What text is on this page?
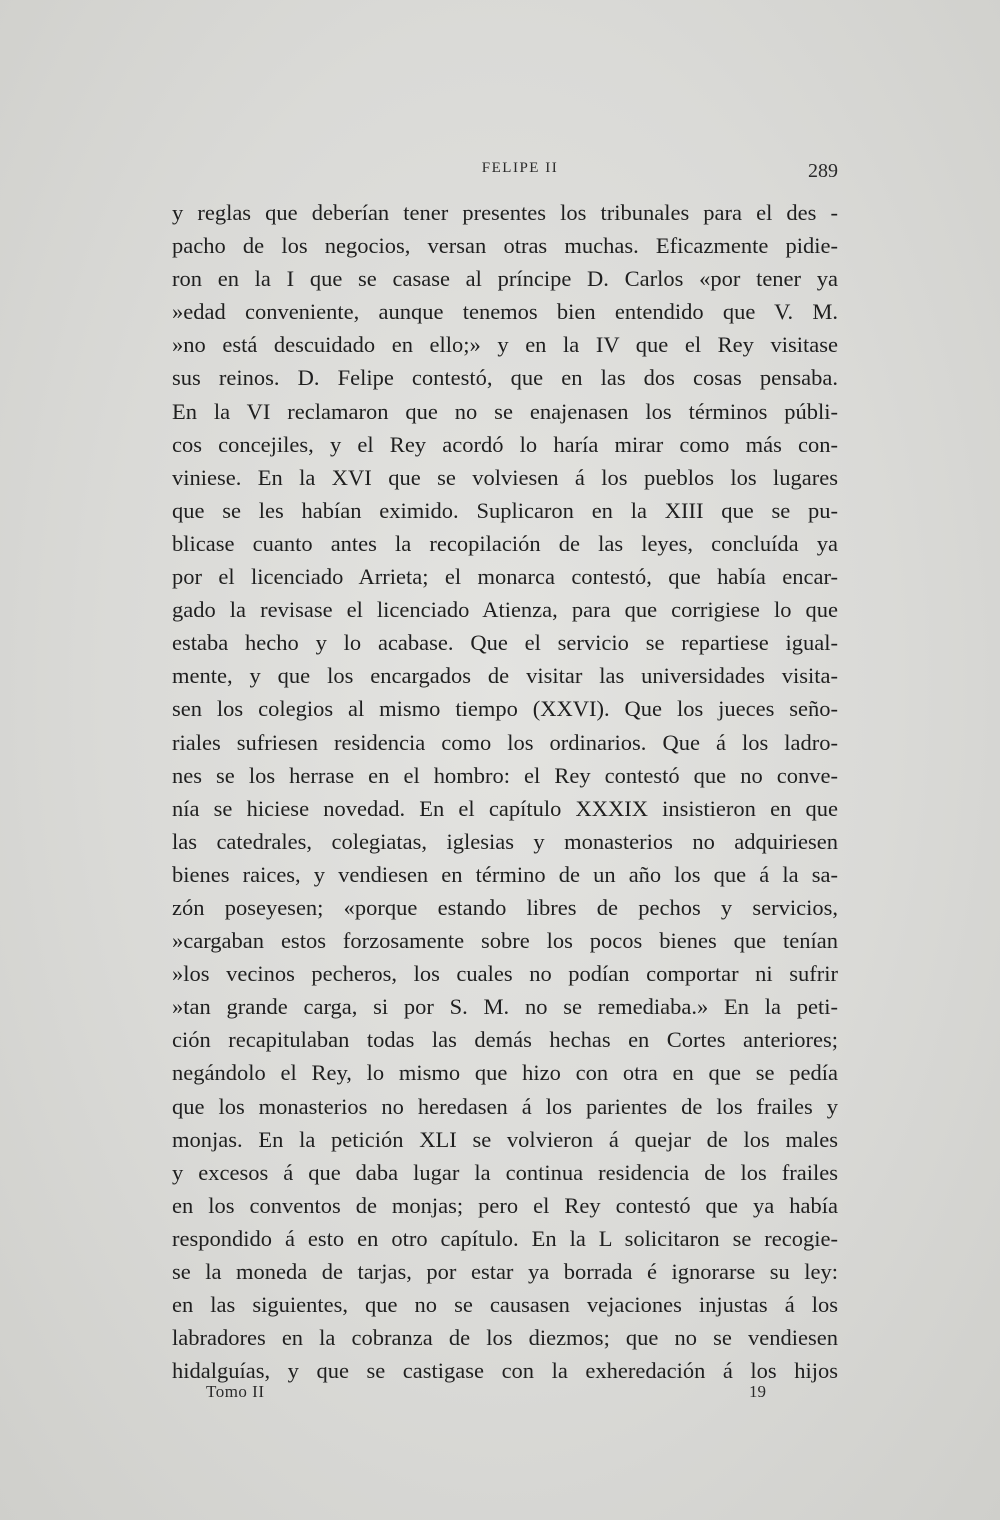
FELIPE II	289
y reglas que deberían tener presentes los tribunales para el des -
pacho de los negocios, versan otras muchas. Eficazmente pidie-
ron en la I que se casase al príncipe D. Carlos «por tener ya
»edad conveniente, aunque tenemos bien entendido que V. M.
»no está descuidado en ello;» y en la IV que el Rey visitase
sus reinos. D. Felipe contestó, que en las dos cosas pensaba.
En la VI reclamaron que no se enajenasen los términos públi-
cos concejiles, y el Rey acordó lo haría mirar como más con-
viniese. En la XVI que se volviesen á los pueblos los lugares
que se les habían eximido. Suplicaron en la XIII que se pu-
blicase cuanto antes la recopilación de las leyes, concluída ya
por el licenciado Arrieta; el monarca contestó, que había encar-
gado la revisase el licenciado Atienza, para que corrigiese lo que
estaba hecho y lo acabase. Que el servicio se repartiese igual-
mente, y que los encargados de visitar las universidades visita-
sen los colegios al mismo tiempo (XXVI). Que los jueces seño-
riales sufriesen residencia como los ordinarios. Que á los ladro-
nes se los herrase en el hombro: el Rey contestó que no conve-
nía se hiciese novedad. En el capítulo XXXIX insistieron en que
las catedrales, colegiatas, iglesias y monasterios no adquiriesen
bienes raices, y vendiesen en término de un año los que á la sa-
zón poseyesen; «porque estando libres de pechos y servicios,
»cargaban estos forzosamente sobre los pocos bienes que tenían
»los vecinos pecheros, los cuales no podían comportar ni sufrir
»tan grande carga, si por S. M. no se remediaba.» En la peti-
ción recapitulaban todas las demás hechas en Cortes anteriores;
negándolo el Rey, lo mismo que hizo con otra en que se pedía
que los monasterios no heredasen á los parientes de los frailes y
monjas. En la petición XLI se volvieron á quejar de los males
y excesos á que daba lugar la continua residencia de los frailes
en los conventos de monjas; pero el Rey contestó que ya había
respondido á esto en otro capítulo. En la L solicitaron se recogie-
se la moneda de tarjas, por estar ya borrada é ignorarse su ley:
en las siguientes, que no se causasen vejaciones injustas á los
labradores en la cobranza de los diezmos; que no se vendiesen
hidalguías, y que se castigase con la exheredación á los hijos
Tomo II	19
